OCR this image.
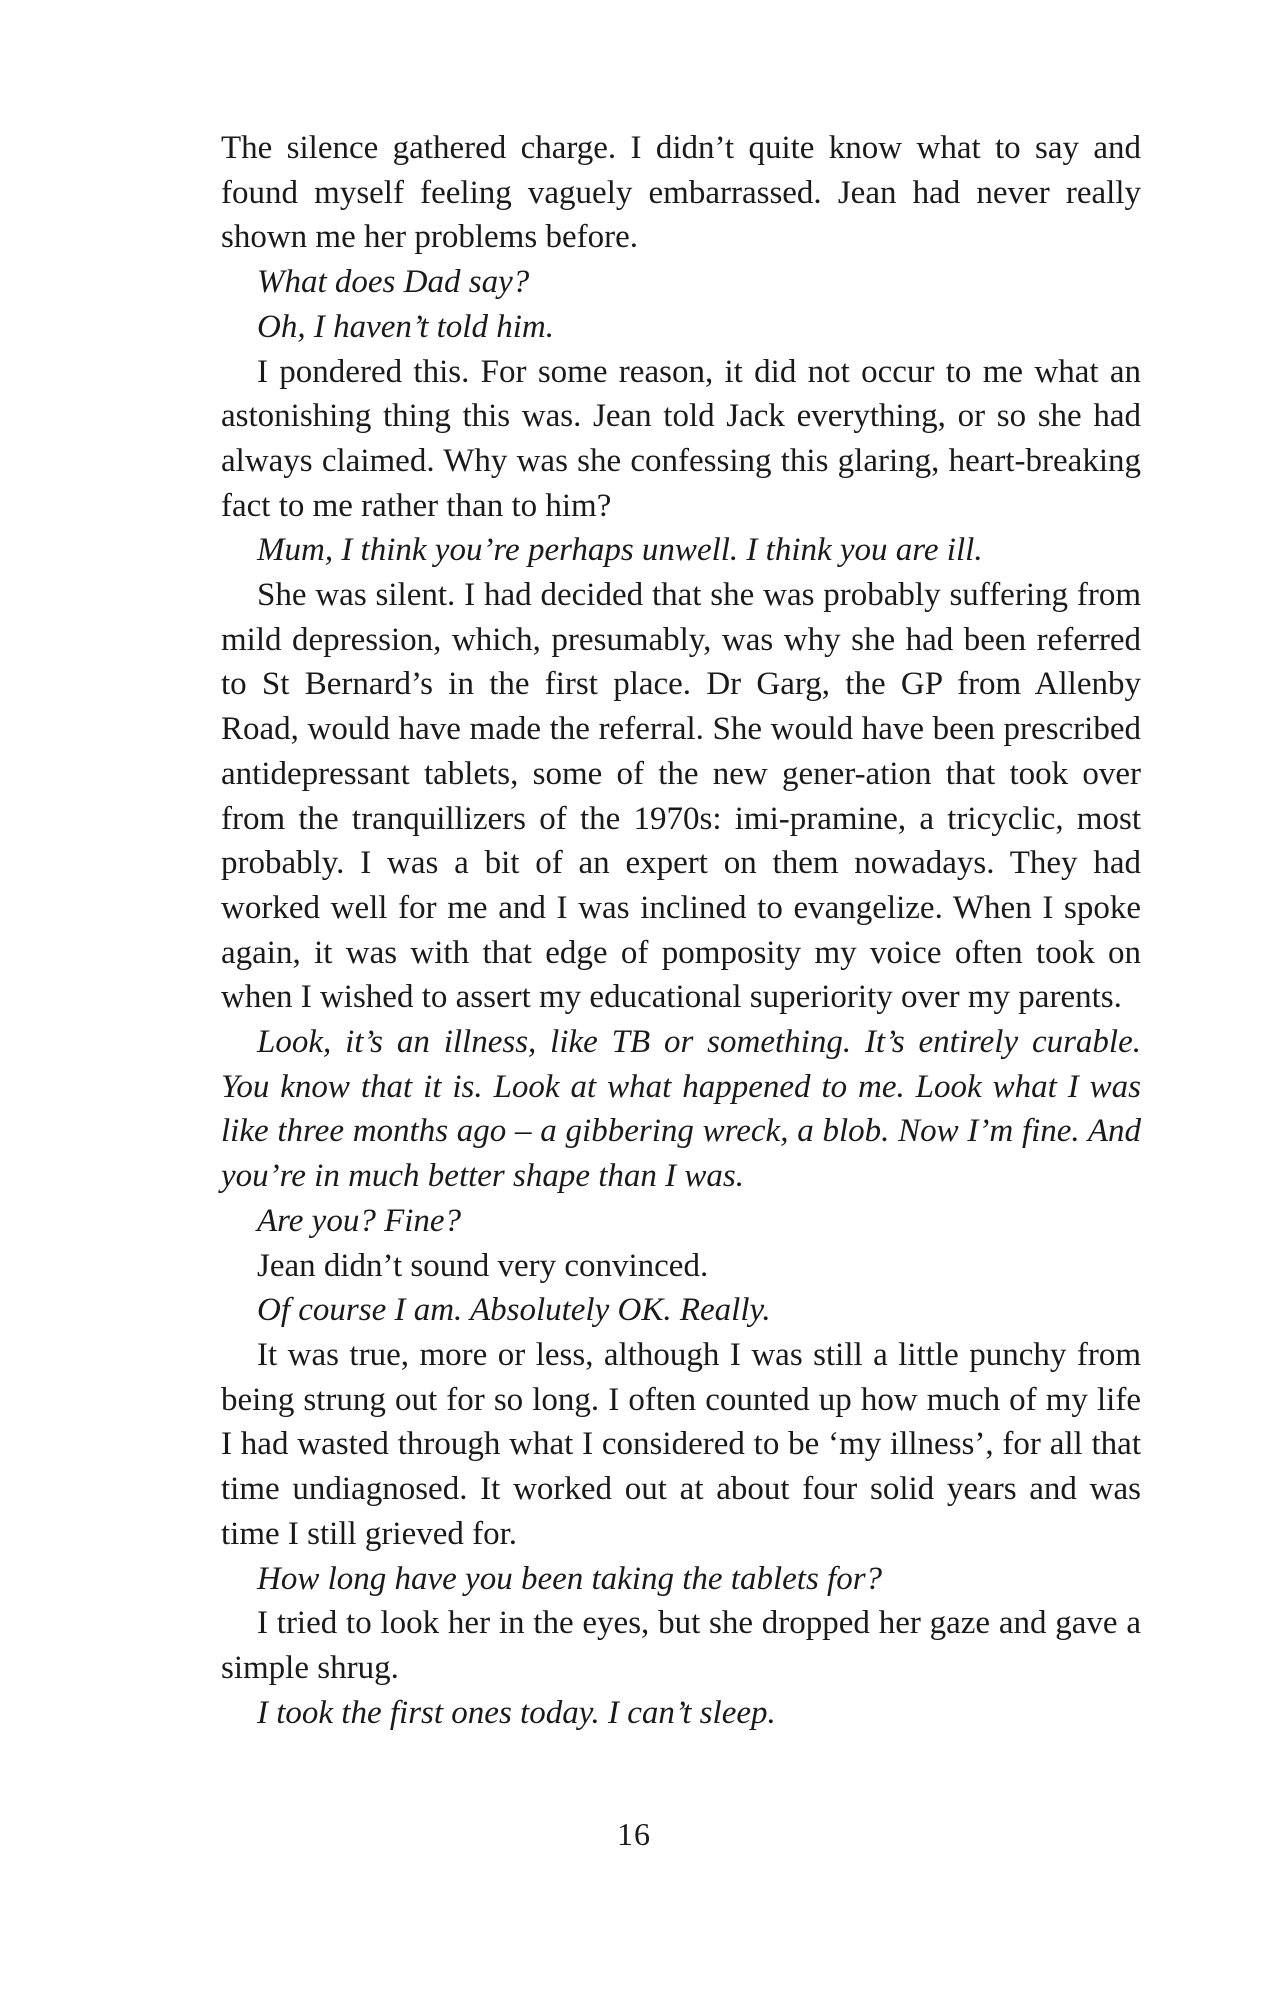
The silence gathered charge. I didn’t quite know what to say and found myself feeling vaguely embarrassed. Jean had never really shown me her problems before.

What does Dad say?

Oh, I haven’t told him.

I pondered this. For some reason, it did not occur to me what an astonishing thing this was. Jean told Jack everything, or so she had always claimed. Why was she confessing this glaring, heart-breaking fact to me rather than to him?

Mum, I think you’re perhaps unwell. I think you are ill.

She was silent. I had decided that she was probably suffering from mild depression, which, presumably, was why she had been referred to St Bernard’s in the first place. Dr Garg, the GP from Allenby Road, would have made the referral. She would have been prescribed antidepressant tablets, some of the new gener-ation that took over from the tranquillizers of the 1970s: imi-pramine, a tricyclic, most probably. I was a bit of an expert on them nowadays. They had worked well for me and I was inclined to evangelize. When I spoke again, it was with that edge of pomposity my voice often took on when I wished to assert my educational superiority over my parents.

Look, it’s an illness, like TB or something. It’s entirely curable. You know that it is. Look at what happened to me. Look what I was like three months ago – a gibbering wreck, a blob. Now I’m fine. And you’re in much better shape than I was.

Are you? Fine?

Jean didn’t sound very convinced.

Of course I am. Absolutely OK. Really.

It was true, more or less, although I was still a little punchy from being strung out for so long. I often counted up how much of my life I had wasted through what I considered to be ‘my illness’, for all that time undiagnosed. It worked out at about four solid years and was time I still grieved for.

How long have you been taking the tablets for?

I tried to look her in the eyes, but she dropped her gaze and gave a simple shrug.

I took the first ones today. I can’t sleep.

16
